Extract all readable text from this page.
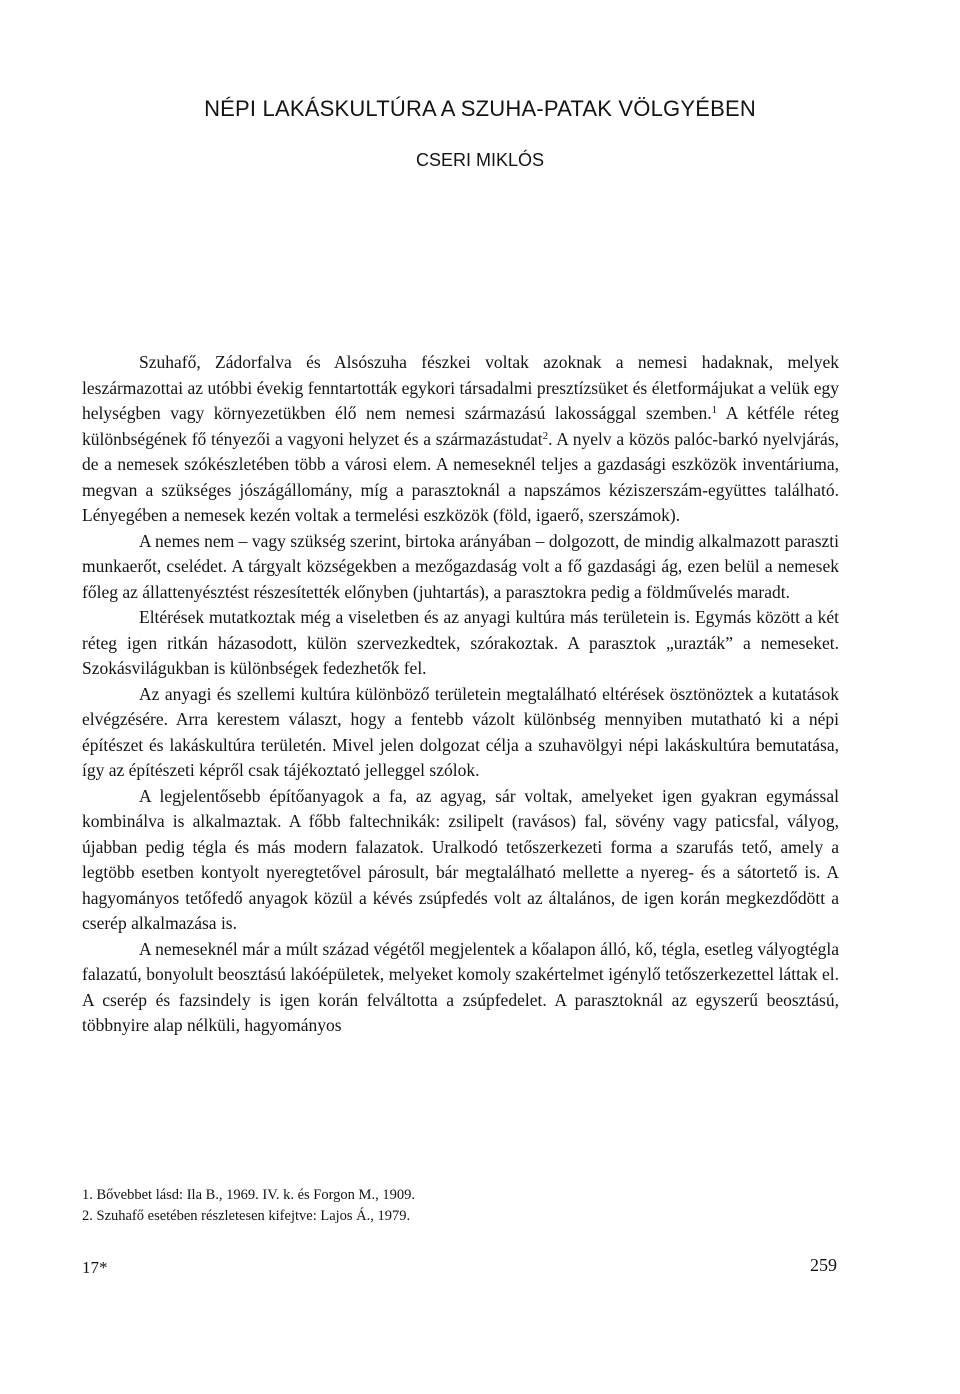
NÉPI LAKÁSKULTÚRA A SZUHA-PATAK VÖLGYÉBEN
CSERI MIKLÓS

Szuhafő, Zádorfalva és Alsószuha fészkei voltak azoknak a nemesi hadaknak, melyek leszármazottai az utóbbi évekig fenntartották egykori társadalmi presztízsüket és életformájukat a velük egy helységben vagy környezetükben élő nem nemesi származású lakossággal szemben.$^1$ A kétféle réteg különbségének fő tényezői a vagyoni helyzet és a származástudat$^2$. A nyelv a közös palóc-barkó nyelvjárás, de a nemesek szókészletében több a városi elem. A nemeseknél teljes a gazdasági eszközök inventáriuma, megvan a szükséges jószágállomány, míg a parasztoknál a napszámos kéziszerszám-együttes található. Lényegében a nemesek kezén voltak a termelési eszközök (föld, igaerő, szerszámok).

A nemes nem – vagy szükség szerint, birtoka arányában – dolgozott, de mindig alkalmazott paraszti munkaerőt, cselédet. A tárgyalt községekben a mezőgazdaság volt a fő gazdasági ág, ezen belül a nemesek főleg az állattenyésztést részesítették előnyben (juhtartás), a parasztokra pedig a földművelés maradt.

Eltérések mutatkoztak még a viseletben és az anyagi kultúra más területein is. Egymás között a két réteg igen ritkán házasodott, külön szervezkedtek, szórakoztak. A parasztok „urazták” a nemeseket. Szokásvilágukban is különbségek fedezhetők fel.

Az anyagi és szellemi kultúra különböző területein megtalálható eltérések ösztönöztek a kutatások elvégzésére. Arra kerestem választ, hogy a fentebb vázolt különbség mennyiben mutatható ki a népi építészet és lakáskultúra területén. Mivel jelen dolgozat célja a szuhavölgyi népi lakáskultúra bemutatása, így az építészeti képről csak tájékoztató jelleggel szólok.

A legjelentősebb építőanyagok a fa, az agyag, sár voltak, amelyeket igen gyakran egymással kombinálva is alkalmaztak. A főbb faltechnikák: zsilipelt (ravásos) fal, sövény vagy paticsfal, vályog, újabban pedig tégla és más modern falazatok. Uralkodó tetőszerkezeti forma a szarufás tető, amely a legtöbb esetben kontyolt nyeregtetővel párosult, bár megtalálható mellette a nyereg- és a sátortető is. A hagyományos tetőfedő anyagok közül a kévés zsúpfedés volt az általános, de igen korán megkezdődött a cserép alkalmazása is.

A nemeseknél már a múlt század végétől megjelentek a kőalapon álló, kő, tégla, esetleg vályogtégla falazatú, bonyolult beosztású lakóépületek, melyeket komoly szakértelmet igénylő tetőszerkezettel láttak el. A cserép és fazsindely is igen korán felváltotta a zsúpfedelet. A parasztoknál az egyszerű beosztású, többnyire alap nélküli, hagyományos

1. Bővebbet lásd: Ila B., 1969. IV. k. és Forgon M., 1909.

2. Szuhafő esetében részletesen kifejtve: Lajos Á., 1979.

17*	259
